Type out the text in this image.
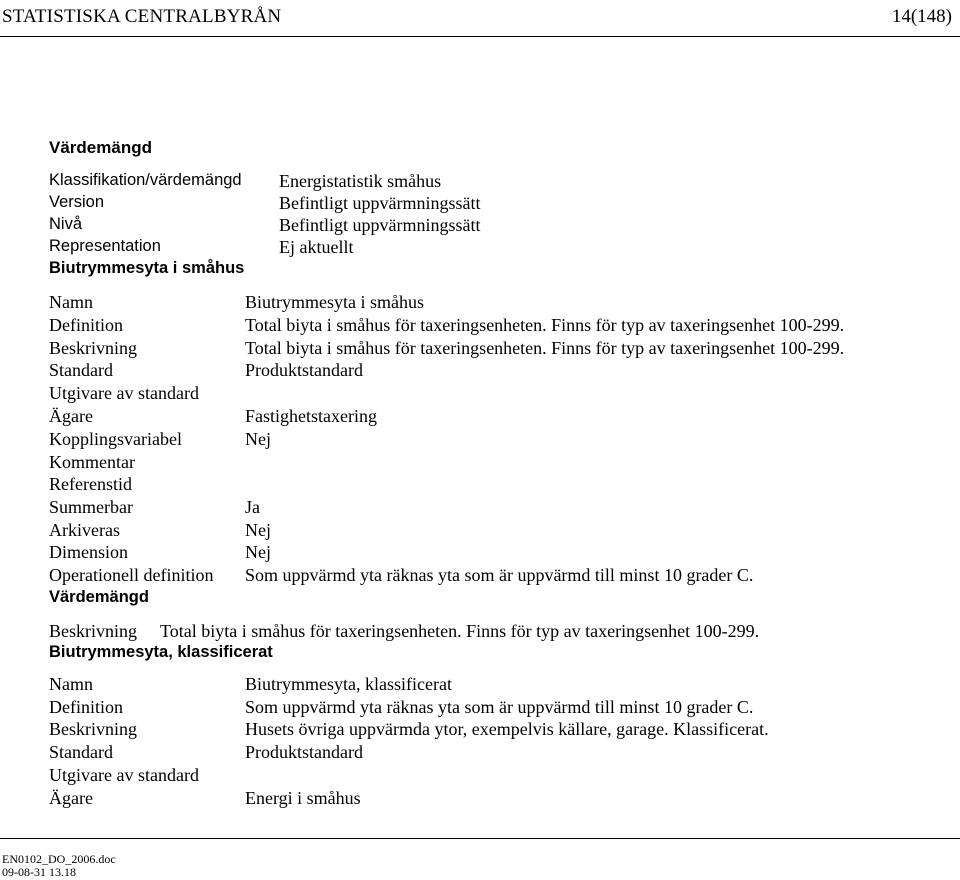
STATISTISKA CENTRALBYRÅN	14(148)
Värdemängd
Klassifikation/värdemängd Energistatistik småhus
Version	Befintligt uppvärmningssätt
Nivå	Befintligt uppvärmningssätt
Representation	Ej aktuellt
Biutrymmesyta i småhus
Namn	Biutrymmesyta i småhus
Definition	Total biyta i småhus för taxeringsenheten. Finns för typ av taxeringsenhet 100-299.
Beskrivning	Total biyta i småhus för taxeringsenheten. Finns för typ av taxeringsenhet 100-299.
Standard	Produktstandard
Utgivare av standard
Ägare	Fastighetstaxering
Kopplingsvariabel	Nej
Kommentar
Referenstid
Summerbar	Ja
Arkiveras	Nej
Dimension	Nej
Operationell definition Som uppvärmd yta räknas yta som är uppvärmd till minst 10 grader C.
Värdemängd
Beskrivning Total biyta i småhus för taxeringsenheten. Finns för typ av taxeringsenhet 100-299.
Biutrymmesyta, klassificerat
Namn	Biutrymmesyta, klassificerat
Definition	Som uppvärmd yta räknas yta som är uppvärmd till minst 10 grader C.
Beskrivning	Husets övriga uppvärmda ytor, exempelvis källare, garage. Klassificerat.
Standard	Produktstandard
Utgivare av standard
Ägare	Energi i småhus
EN0102_DO_2006.doc
09-08-31 13.18
